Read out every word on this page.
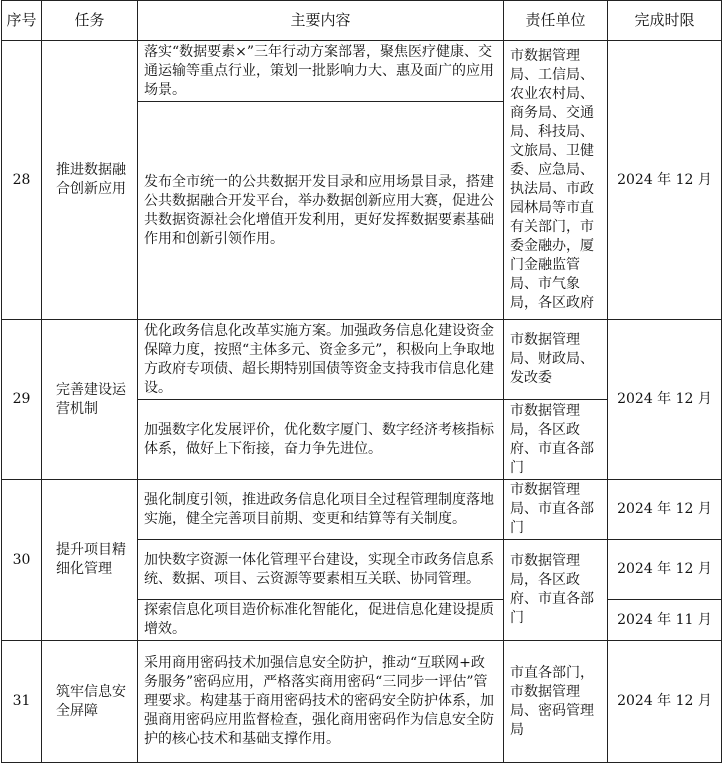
序号	任务	主要内容	责任单位	完成时限
28	推进数据融合创新应用	落实“数据要素×”三年行动方案部署，聚焦医疗健康、交通运输等重点行业，策划一批影响力大、惠及面广的应用场景。	市数据管理局、工信局、农业农村局、商务局、交通局、科技局、文旅局、卫健委、应急局、执法局、市政园林局等市直有关部门，市委金融办，厦门金融监管局、市气象局，各区政府	2024 年 12 月
		发布全市统一的公共数据开发目录和应用场景目录，搭建公共数据融合开发平台，举办数据创新应用大赛，促进公共数据资源社会化增值开发利用，更好发挥数据要素基础作用和创新引领作用。		
29	完善建设运营机制	优化政务信息化改革实施方案。加强政务信息化建设资金保障力度，按照“主体多元、资金多元”，积极向上争取地方政府专项债、超长期特别国债等资金支持我市信息化建设。	市数据管理局、财政局、发改委	2024 年 12 月
		加强数字化发展评价，优化数字厦门、数字经济考核指标体系，做好上下衔接，奋力争先进位。	市数据管理局，各区政府、市直各部门	
30	提升项目精细化管理	强化制度引领，推进政务信息化项目全过程管理制度落地实施，健全完善项目前期、变更和结算等有关制度。	市数据管理局、市直各部门	2024 年 12 月
		加快数字资源一体化管理平台建设，实现全市政务信息系统、数据、项目、云资源等要素相互关联、协同管理。	市数据管理局，各区政府、市直各部门	2024 年 12 月
		探索信息化项目造价标准化智能化，促进信息化建设提质增效。		2024 年 11 月
31	筑牢信息安全屏障	采用商用密码技术加强信息安全防护，推动“互联网+政务服务”密码应用，严格落实商用密码“三同步一评估”管理要求。构建基于商用密码技术的密码安全防护体系，加强商用密码应用监督检查，强化商用密码作为信息安全防护的核心技术和基础支撑作用。	市直各部门，市数据管理局、密码管理局	2024 年 12 月
